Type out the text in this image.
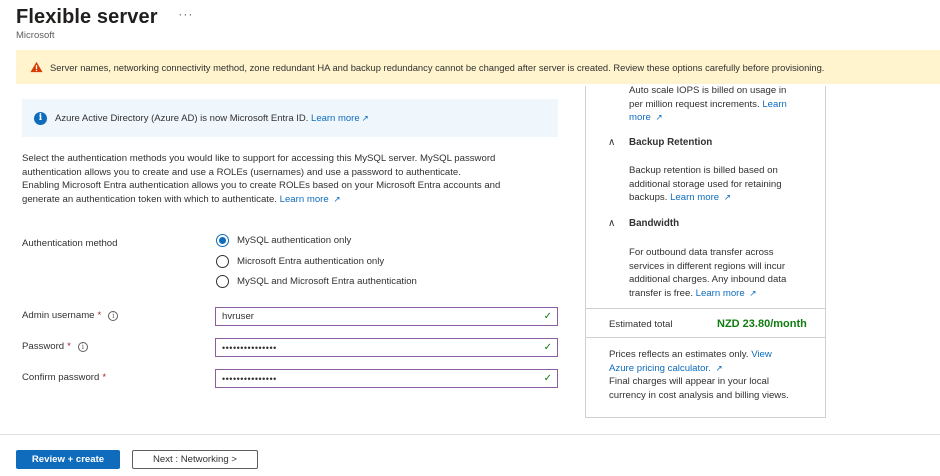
Flexible server ···
Microsoft
Server names, networking connectivity method, zone redundant HA and backup redundancy cannot be changed after server is created. Review these options carefully before provisioning.
i	Azure Active Directory (Azure AD) is now Microsoft Entra ID. Learn more ↗
Select the authentication methods you would like to support for accessing this MySQL server. MySQL password
authentication allows you to create and use a ROLEs (usernames) and use a password to authenticate.
Enabling Microsoft Entra authentication allows you to create ROLEs based on your Microsoft Entra accounts and
generate an authentication token with which to authenticate. Learn more ↗
Authentication method	MySQL authentication only
Microsoft Entra authentication only
MySQL and Microsoft Entra authentication
Admin username *	i	hvruser	✓
Password *	i	•••••••••••••••	✓
Confirm password *	•••••••••••••••	✓
Auto scale IOPS is billed on usage in
per million request increments. Learn
more ↗
∧ Backup Retention
Backup retention is billed based on
additional storage used for retaining
backups. Learn more ↗
∧ Bandwidth
For outbound data transfer across
services in different regions will incur
additional charges. Any inbound data
transfer is free. Learn more ↗
Estimated total	NZD 23.80/month
Prices reflects an estimates only. View
Azure pricing calculator. ↗
Final charges will appear in your local
currency in cost analysis and billing views.
Review + create	Next : Networking >
